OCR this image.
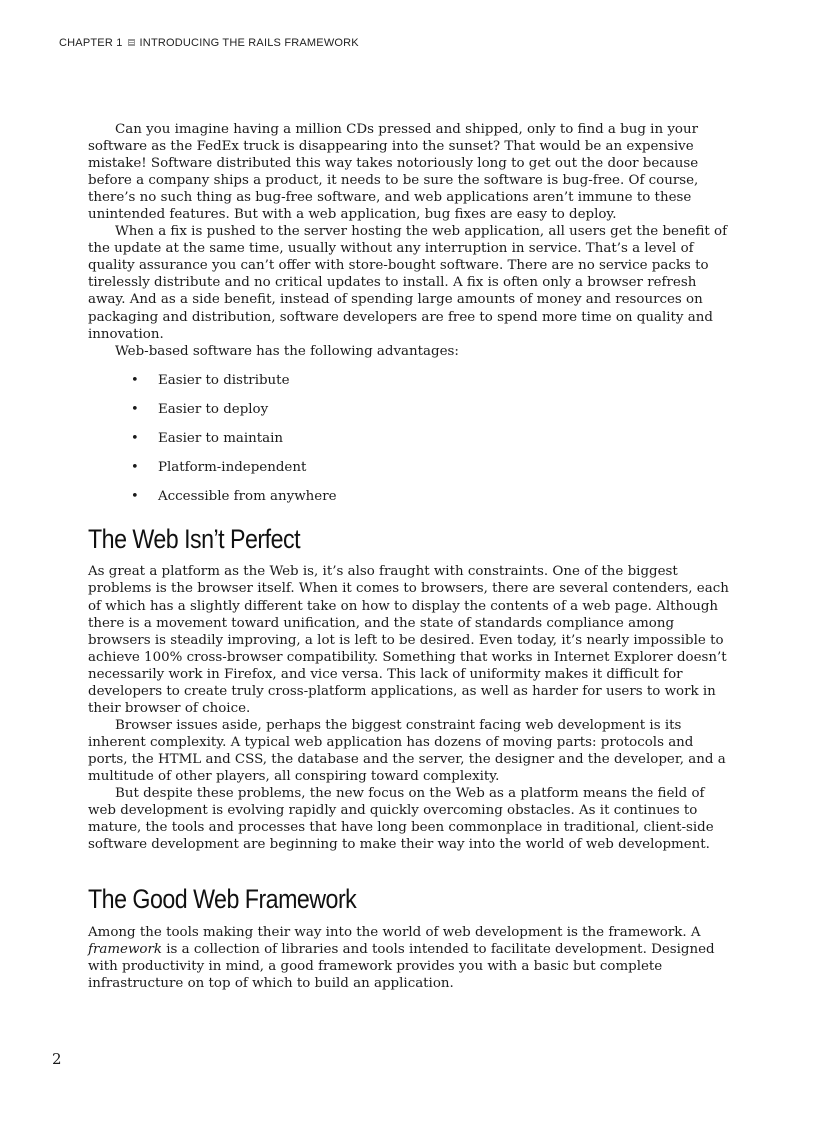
CHAPTER 1 INTRODUCING THE RAILS FRAMEWORK

Can you imagine having a million CDs pressed and shipped, only to find a bug in your software as the FedEx truck is disappearing into the sunset? That would be an expensive mistake! Software distributed this way takes notoriously long to get out the door because before a company ships a product, it needs to be sure the software is bug-free. Of course, there’s no such thing as bug-free software, and web applications aren’t immune to these unintended features. But with a web application, bug fixes are easy to deploy.

When a fix is pushed to the server hosting the web application, all users get the benefit of the update at the same time, usually without any interruption in service. That’s a level of quality assurance you can’t offer with store-bought software. There are no service packs to tirelessly distribute and no critical updates to install. A fix is often only a browser refresh away. And as a side benefit, instead of spending large amounts of money and resources on packaging and distribution, software developers are free to spend more time on quality and innovation.

Web-based software has the following advantages:

• Easier to distribute
• Easier to deploy
• Easier to maintain
• Platform-independent
• Accessible from anywhere
The Web Isn’t Perfect

As great a platform as the Web is, it’s also fraught with constraints. One of the biggest problems is the browser itself. When it comes to browsers, there are several contenders, each of which has a slightly different take on how to display the contents of a web page. Although there is a movement toward unification, and the state of standards compliance among browsers is steadily improving, a lot is left to be desired. Even today, it’s nearly impossible to achieve 100% cross-browser compatibility. Something that works in Internet Explorer doesn’t necessarily work in Firefox, and vice versa. This lack of uniformity makes it difficult for developers to create truly cross-platform applications, as well as harder for users to work in their browser of choice.

Browser issues aside, perhaps the biggest constraint facing web development is its inherent complexity. A typical web application has dozens of moving parts: protocols and ports, the HTML and CSS, the database and the server, the designer and the developer, and a multitude of other players, all conspiring toward complexity.

But despite these problems, the new focus on the Web as a platform means the field of web development is evolving rapidly and quickly overcoming obstacles. As it continues to mature, the tools and processes that have long been commonplace in traditional, client-side software development are beginning to make their way into the world of web development.

The Good Web Framework

Among the tools making their way into the world of web development is the framework. A framework is a collection of libraries and tools intended to facilitate development. Designed with productivity in mind, a good framework provides you with a basic but complete infrastructure on top of which to build an application.

2
